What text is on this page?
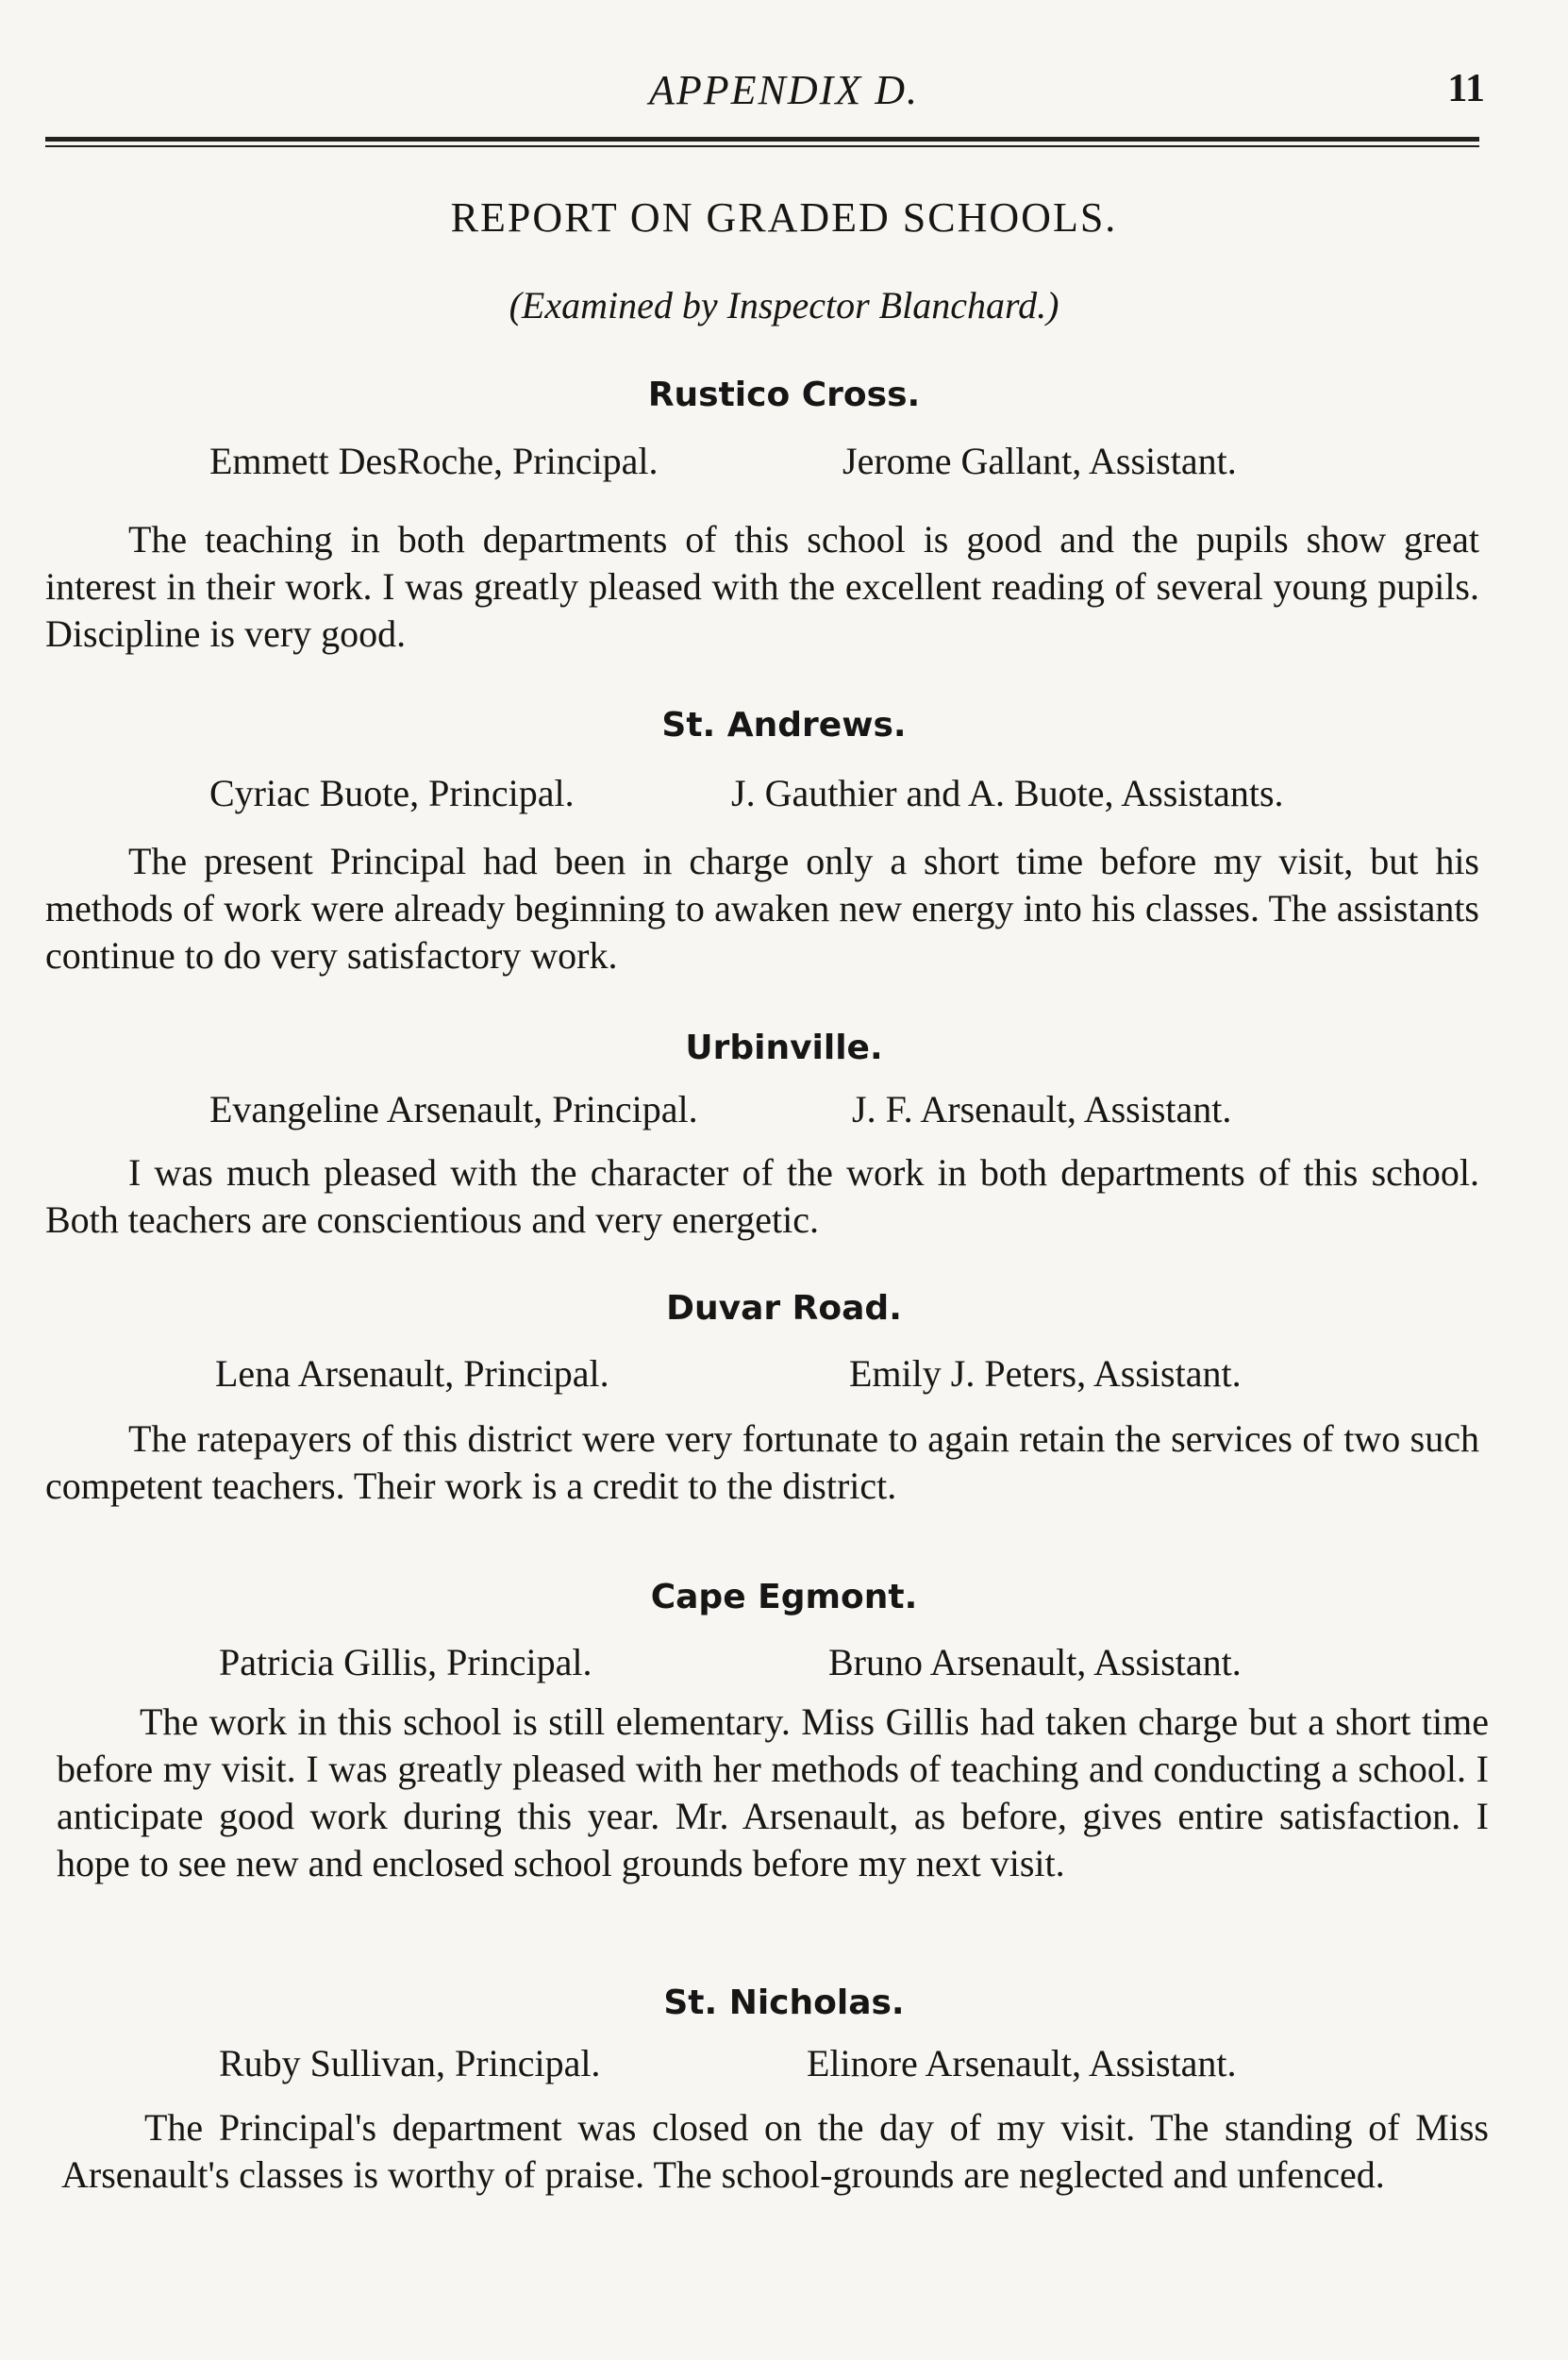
APPENDIX D.	11
REPORT ON GRADED SCHOOLS.
(Examined by Inspector Blanchard.)
Rustico Cross.
Emmett DesRoche, Principal.	Jerome Gallant, Assistant.
The teaching in both departments of this school is good and the pupils show great interest in their work. I was greatly pleased with the excellent reading of several young pupils. Discipline is very good.
St. Andrews.
Cyriac Buote, Principal.	J. Gauthier and A. Buote, Assistants.
The present Principal had been in charge only a short time before my visit, but his methods of work were already beginning to awaken new energy into his classes. The assistants continue to do very satisfactory work.
Urbinville.
Evangeline Arsenault, Principal.	J. F. Arsenault, Assistant.
I was much pleased with the character of the work in both departments of this school. Both teachers are conscientious and very energetic.
Duvar Road.
Lena Arsenault, Principal.	Emily J. Peters, Assistant.
The ratepayers of this district were very fortunate to again retain the services of two such competent teachers. Their work is a credit to the district.
Cape Egmont.
Patricia Gillis, Principal.	Bruno Arsenault, Assistant.
The work in this school is still elementary. Miss Gillis had taken charge but a short time before my visit. I was greatly pleased with her methods of teaching and conducting a school. I anticipate good work during this year. Mr. Arsenault, as before, gives entire satisfaction. I hope to see new and enclosed school grounds before my next visit.
St. Nicholas.
Ruby Sullivan, Principal.	Elinore Arsenault, Assistant.
The Principal's department was closed on the day of my visit. The standing of Miss Arsenault's classes is worthy of praise. The school-grounds are neglected and unfenced.
